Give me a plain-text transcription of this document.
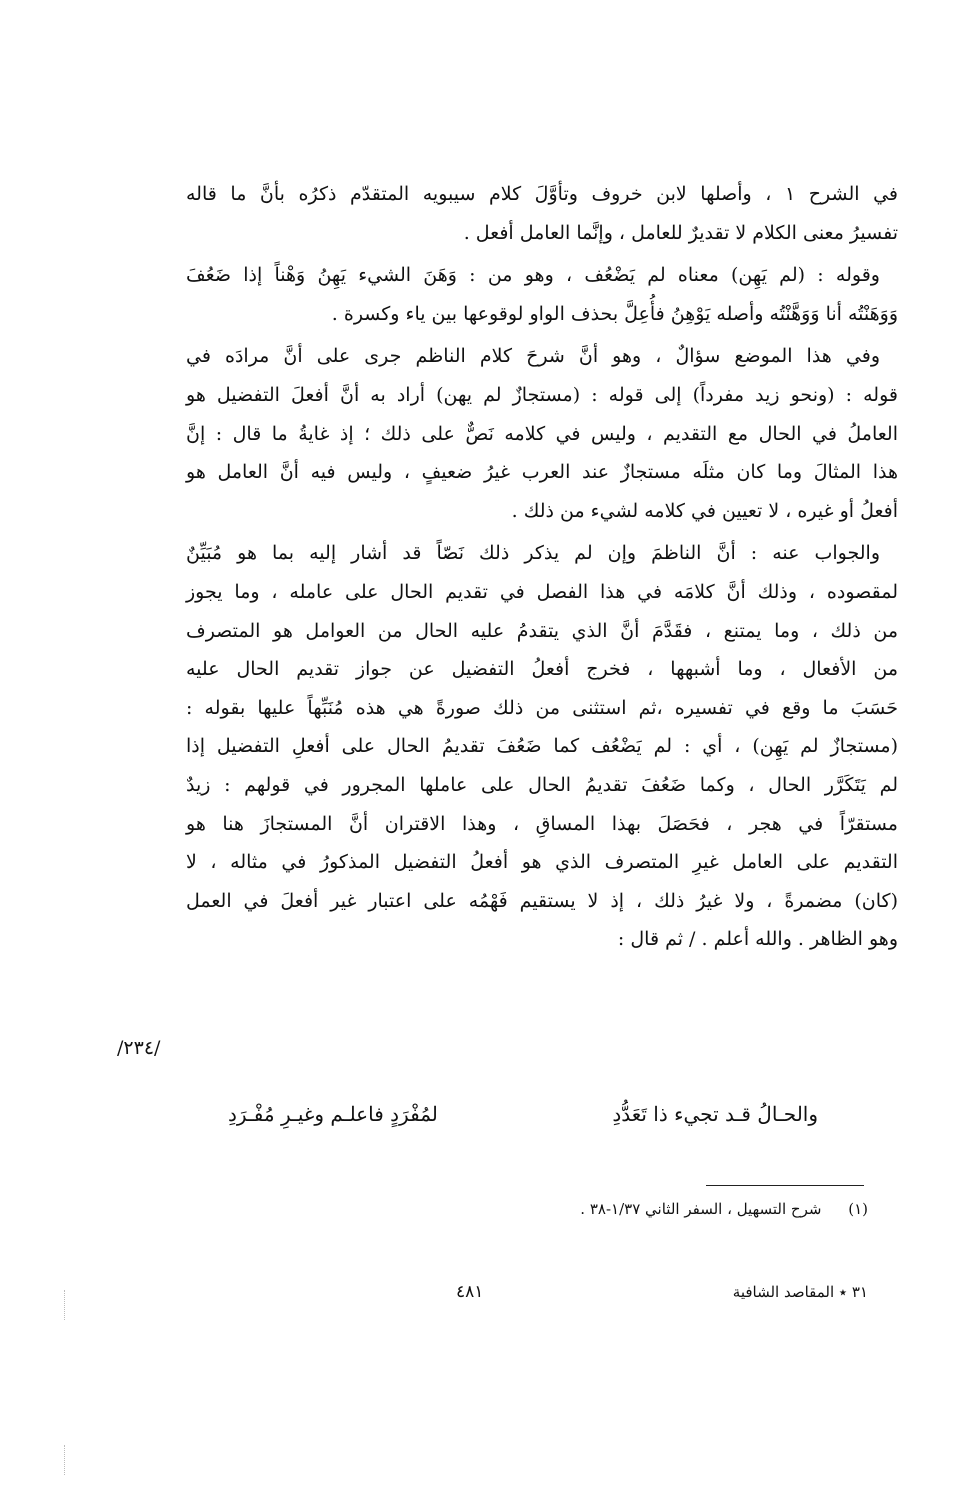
في الشرح ١ ، وأصلها لابن خروف وتأوَّلَ كلام سيبويه المتقدّم ذكرُه بأنَّ ما قاله
تفسيرُ معنى الكلام لا تقديرٌ للعامل ، وإنَّما العامل أفعل .
وقوله : (لم يَهِن) معناه لم يَضْعُف ، وهو من : وَهَنَ الشيء يَهِنُ وَهْناً إذا ضَعُفَ
وَوَهَنْتُه أنا وَوَهَّنْتُه وأصله يَوْهِنُ فأُعِلَّ بحذف الواو لوقوعها بين ياء وكسرة .
وفي هذا الموضع سؤالٌ ، وهو أنَّ شرحَ كلام الناظم جرى على أنَّ مرادَه في
قوله : (ونحو زيد مفرداً) إلى قوله : (مستجازٌ لم يهن) أراد به أنَّ أفعلَ التفضيل هو
العاملُ في الحال مع التقديم ، وليس في كلامه نَصٌّ على ذلك ؛ إذ غايةُ ما قال : إنَّ
هذا المثالَ وما كان مثلَه مستجازٌ عند العرب غيرُ ضعيفٍ ، وليس فيه أنَّ العامل هو
أفعلُ أو غيره ، لا تعيين في كلامه لشيء من ذلك .
والجواب عنه : أنَّ الناظمَ وإن لم يذكر ذلك نَصّاً قد أشار إليه بما هو مُبَيِّنٌ
لمقصوده ، وذلك أنَّ كلامَه في هذا الفصل في تقديم الحال على عامله ، وما يجوز
من ذلك ، وما يمتنع ، فقَدَّمَ أنَّ الذي يتقدمُ عليه الحال من العوامل هو المتصرف
من الأفعال ، وما أشبهها ، فخرج أفعلُ التفضيل عن جواز تقديم الحال عليه
حَسَبَ ما وقع في تفسيره ،ثم استثنى من ذلك صورةً هي هذه مُنَبِّهاً عليها بقوله :
(مستجازٌ لم يَهِن) ، أي : لم يَضْعُف كما ضَعُفَ تقديمُ الحال على أفعلِ التفضيل إذا
لم يَتَكَرَّر الحال ، وكما ضَعُفَ تقديمُ الحال على عاملها المجرور في قولهم : زيدٌ
مستقرّاً في هجر ، فحَصَلَ بهذا المساقِ ، وهذا الاقتران أنَّ المستجازَ هنا هو
التقديم على العامل غيرِ المتصرف الذي هو أفعلُ التفضيل المذكورُ في مثاله ، لا
(كان) مضمرةً ، ولا غيرُ ذلك ، إذ لا يستقيم فَهْمُه على اعتبار غير أفعلَ في العمل
وهو الظاهر . والله أعلم . / ثم قال :
/٢٣٤/
والحـالُ قـد تجيء ذا تَعَدُّدِ
لمُفْرَدٍ فاعلـم وغيـرِ مُفْـرَدِ
(١) شرح التسهيل ، السفر الثاني ١/٣٧-٣٨ .
٤٨١	٣١ ٭ المقاصد الشافية
